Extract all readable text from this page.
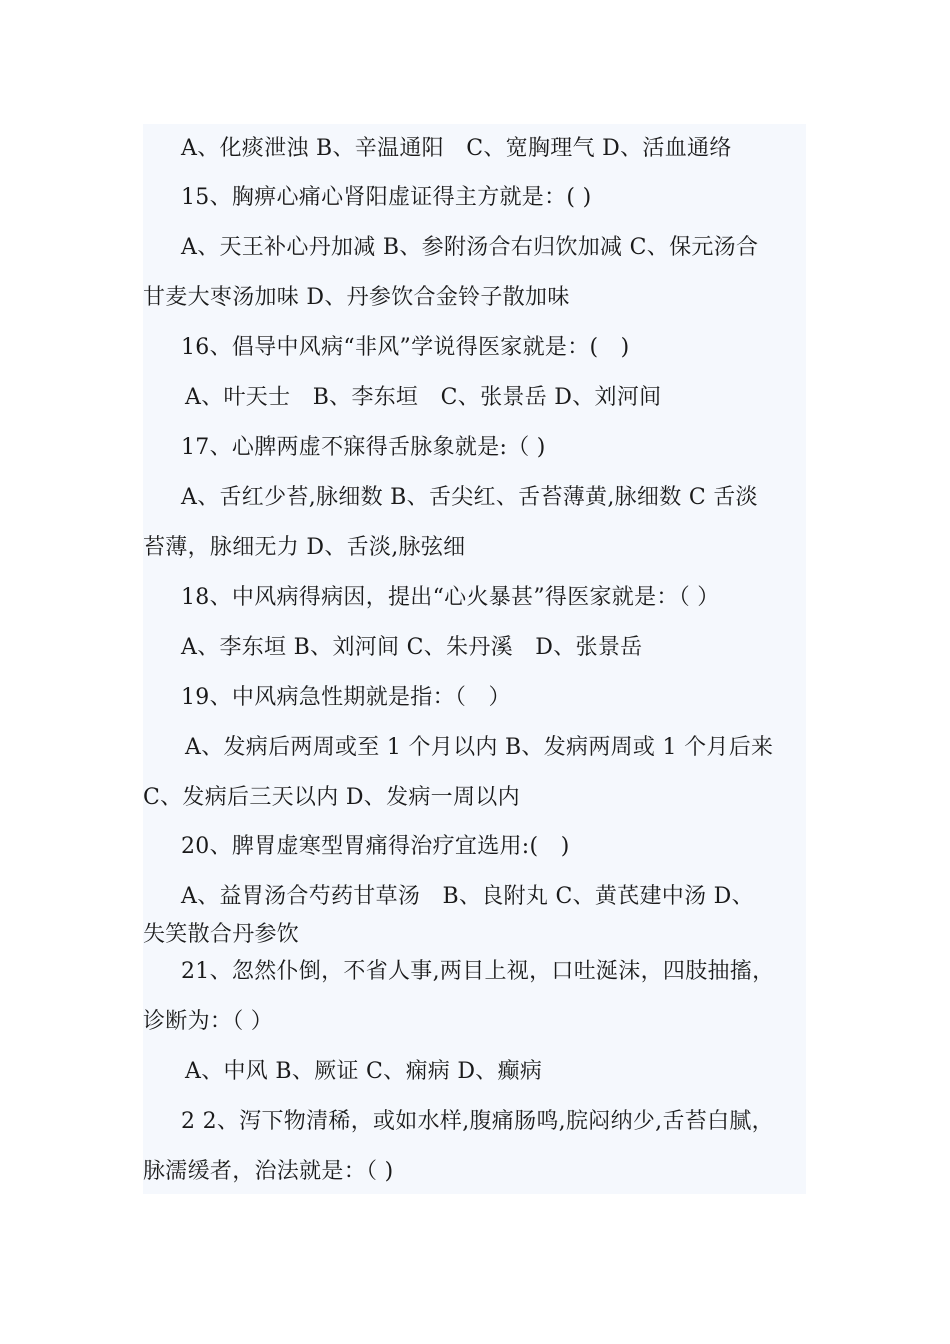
A、化痰泄浊 B、辛温通阳　C、宽胸理气 D、活血通络
15、胸痹心痛心肾阳虚证得主方就是：( )
A、天王补心丹加减 B、参附汤合右归饮加减 C、保元汤合
甘麦大枣汤加味 D、丹参饮合金铃子散加味
16、倡导中风病“非风”学说得医家就是：(　)
A、叶天士　B、李东垣　C、张景岳 D、刘河间
17、心脾两虚不寐得舌脉象就是:（ )
A、舌红少苔,脉细数 B、舌尖红、舌苔薄黄,脉细数 C 舌淡
苔薄，脉细无力 D、舌淡,脉弦细
18、中风病得病因，提出“心火暴甚”得医家就是：（ ）
A、李东垣 B、刘河间 C、朱丹溪　D、张景岳
19、中风病急性期就是指：（　）
A、发病后两周或至 1 个月以内 B、发病两周或 1 个月后来
C、发病后三天以内 D、发病一周以内
20、脾胃虚寒型胃痛得治疗宜选用:(　)
A、益胃汤合芍药甘草汤　B、良附丸 C、黄芪建中汤 D、
失笑散合丹参饮
21、忽然仆倒，不省人事,两目上视，口吐涎沫，四肢抽搐，
诊断为：（ ）
A、中风 B、厥证 C、痫病 D、癫病
2 2、泻下物清稀，或如水样,腹痛肠鸣,脘闷纳少,舌苔白腻，
脉濡缓者，治法就是：（ )
